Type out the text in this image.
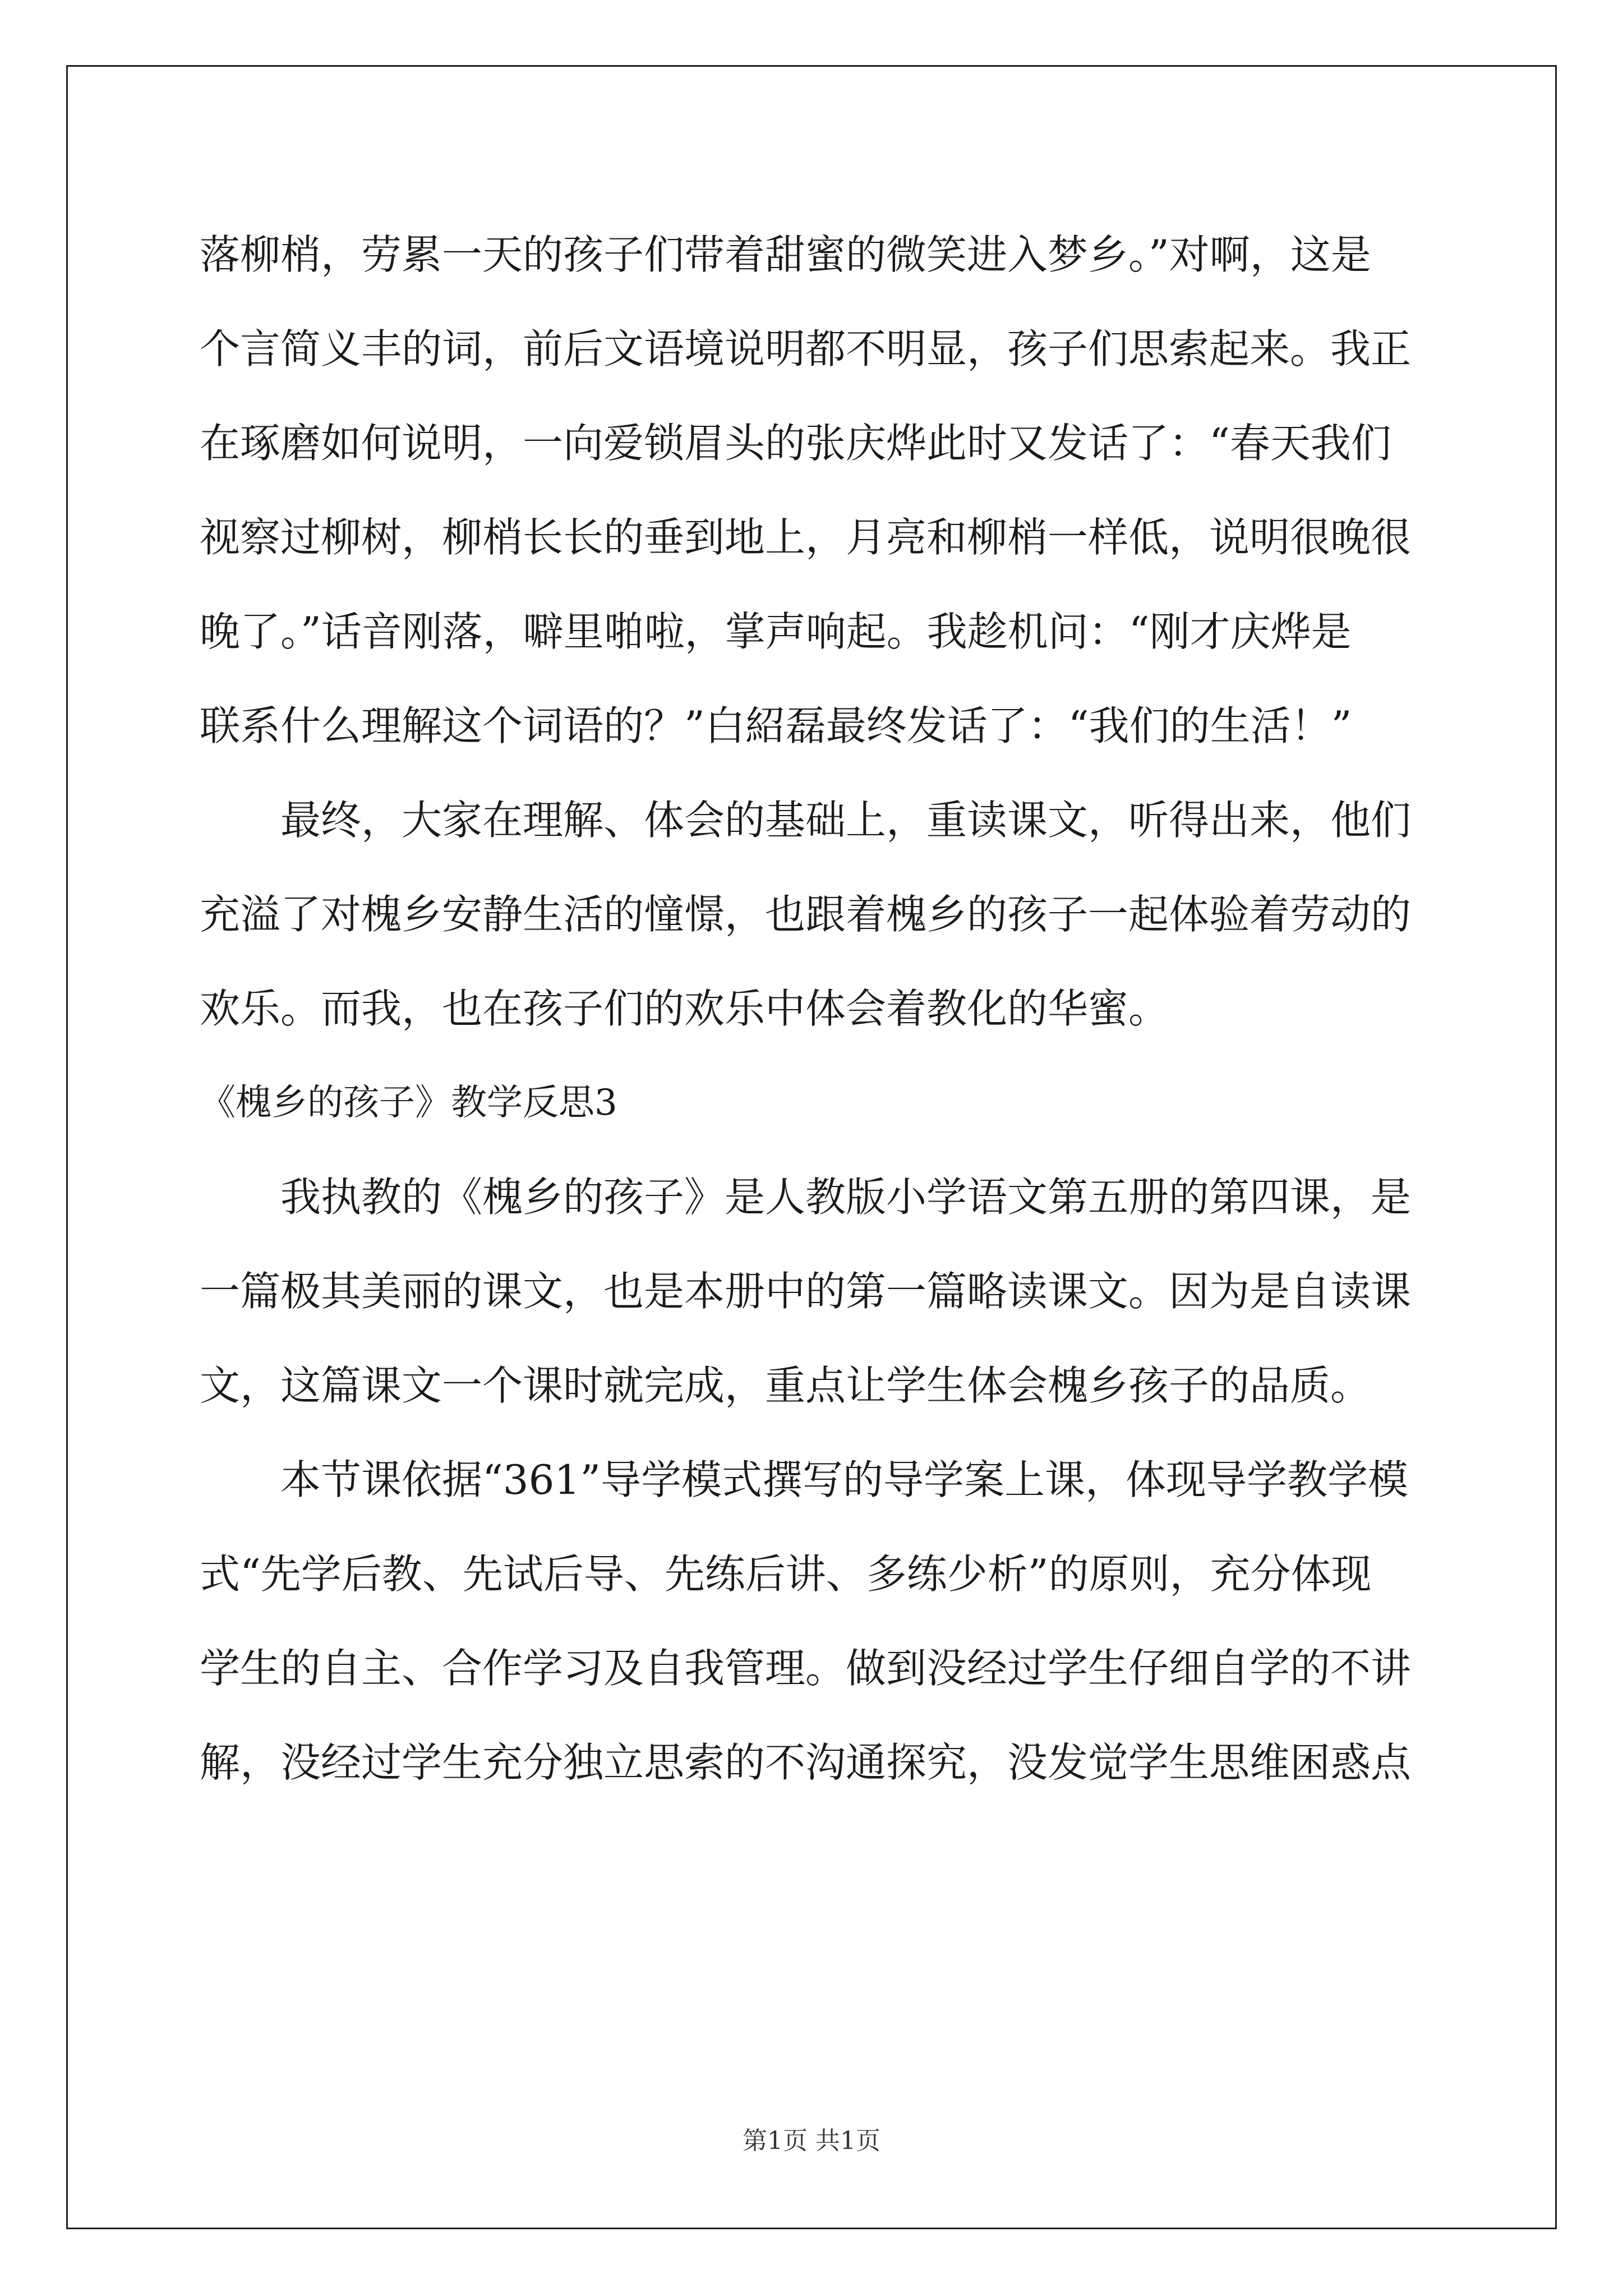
落柳梢，劳累一天的孩子们带着甜蜜的微笑进入梦乡。”对啊，这是
个言简义丰的词，前后文语境说明都不明显，孩子们思索起来。我正
在琢磨如何说明，一向爱锁眉头的张庆烨此时又发话了：“春天我们
视察过柳树，柳梢长长的垂到地上，月亮和柳梢一样低，说明很晚很
晚了。”话音刚落，噼里啪啦，掌声响起。我趁机问：“刚才庆烨是
联系什么理解这个词语的？”白紹磊最终发话了：“我们的生活！”
最终，大家在理解、体会的基础上，重读课文，听得出来，他们
充溢了对槐乡安静生活的憧憬，也跟着槐乡的孩子一起体验着劳动的
欢乐。而我，也在孩子们的欢乐中体会着教化的华蜜。
《槐乡的孩子》教学反思3
我执教的《槐乡的孩子》是人教版小学语文第五册的第四课，是
一篇极其美丽的课文，也是本册中的第一篇略读课文。因为是自读课
文，这篇课文一个课时就完成，重点让学生体会槐乡孩子的品质。
本节课依据“361”导学模式撰写的导学案上课，体现导学教学模
式“先学后教、先试后导、先练后讲、多练少析”的原则，充分体现
学生的自主、合作学习及自我管理。做到没经过学生仔细自学的不讲
解，没经过学生充分独立思索的不沟通探究，没发觉学生思维困惑点
第1页 共1页
